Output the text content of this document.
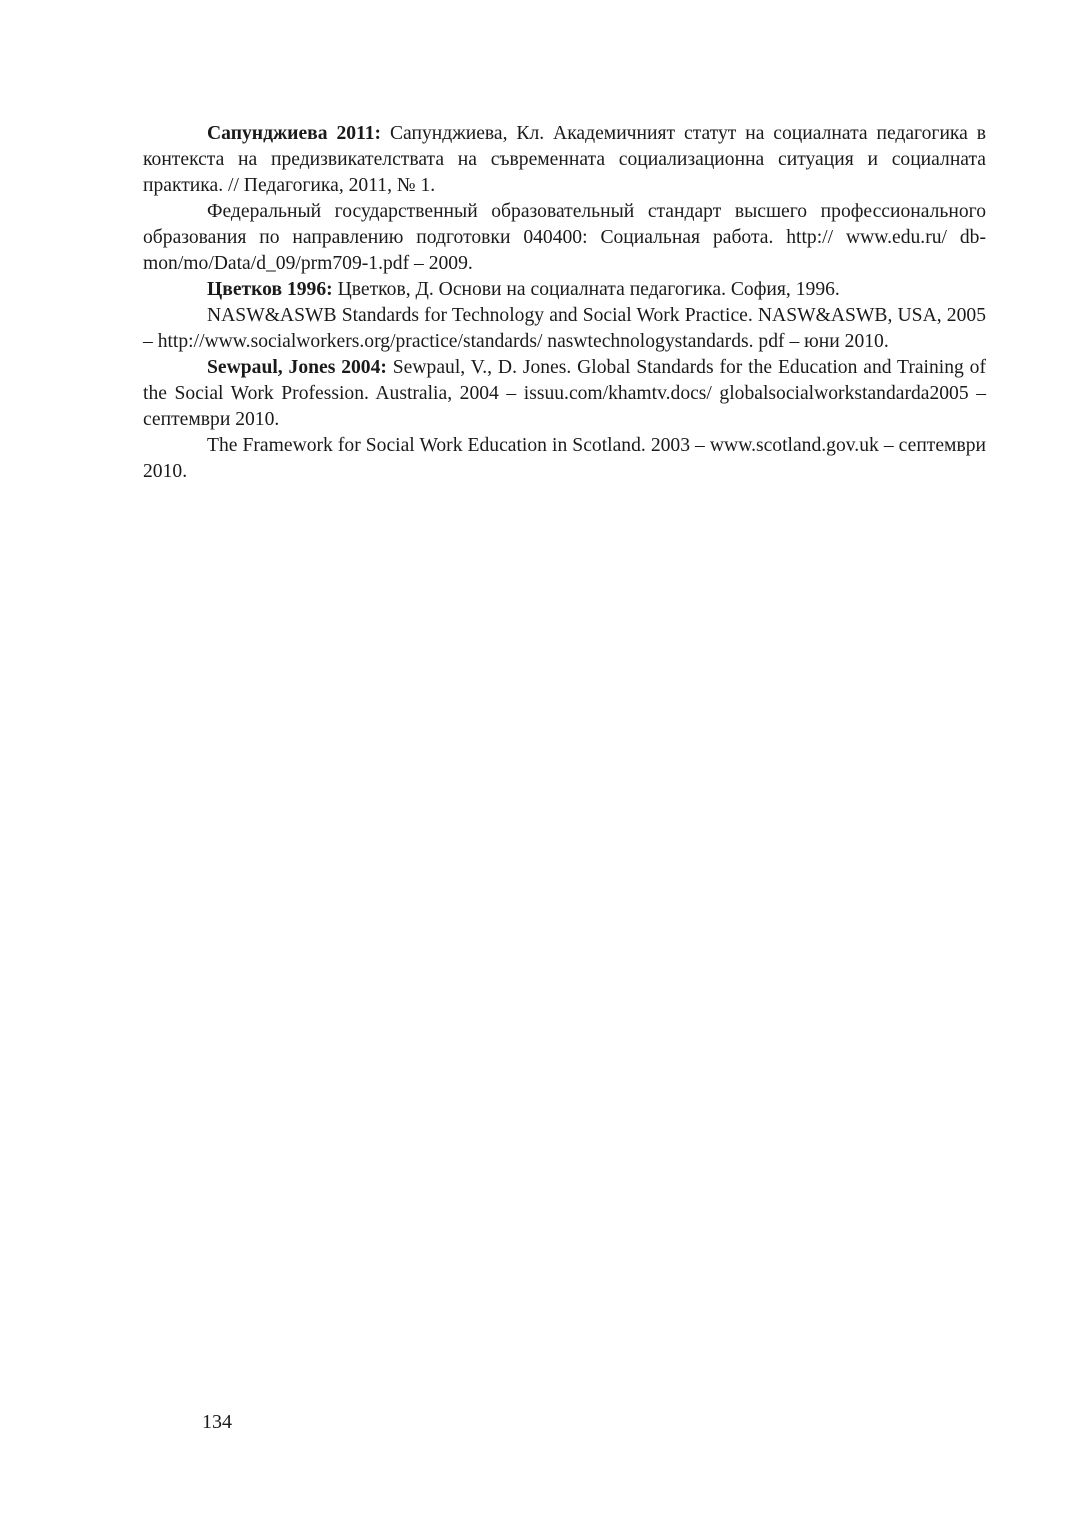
Сапунджиева 2011: Сапунджиева, Кл. Академичният статут на социалната педагогика в контекста на предизвикателствата на съвременната социализационна ситуация и социалната практика. // Педагогика, 2011, № 1.

Федеральный государственный образовательный стандарт высшего профессионального образования по направлению подготовки 040400: Социальная работа. http:// www.edu.ru/ db-mon/mo/Data/d_09/prm709-1.pdf – 2009.

Цветков 1996: Цветков, Д. Основи на социалната педагогика. София, 1996.

NASW&ASWB Standards for Technology and Social Work Practice. NASW&ASWB, USA, 2005 – http://www.socialworkers.org/practice/standards/ naswtechnologystandards. pdf – юни 2010.

Sewpaul, Jones 2004: Sewpaul, V., D. Jones. Global Standards for the Education and Training of the Social Work Profession. Australia, 2004 – issuu.com/khamtv.docs/ globalsocialworkstandarda2005 – септември 2010.

The Framework for Social Work Education in Scotland. 2003 – www.scotland.gov.uk – септември 2010.

134
